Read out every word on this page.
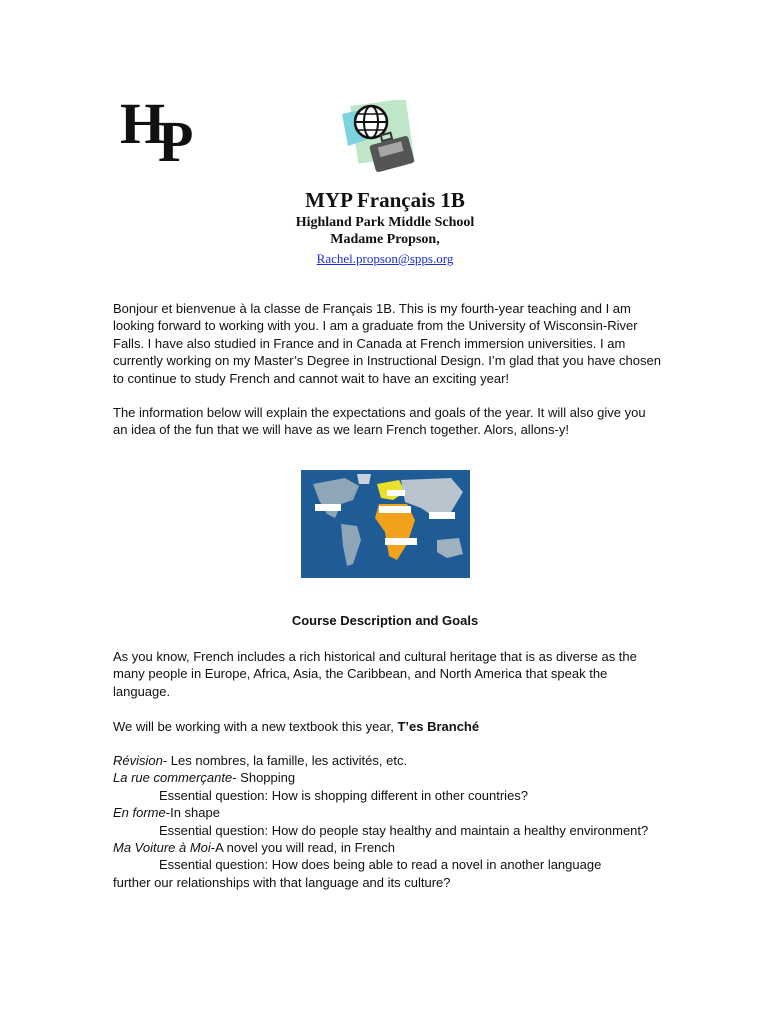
H
P

MYP Français 1B

Highland Park Middle School

Madame Propson,

Rachel.propson@spps.org

Bonjour et bienvenue à la classe de Français 1B. This is my fourth-year teaching and I am looking forward to working with you. I am a graduate from the University of Wisconsin-River Falls. I have also studied in France and in Canada at French immersion universities. I am currently working on my Master’s Degree in Instructional Design. I’m glad that you have chosen to continue to study French and cannot wait to have an exciting year!

The information below will explain the expectations and goals of the year. It will also give you an idea of the fun that we will have as we learn French together. Alors, allons-y!

Course Description and Goals

As you know, French includes a rich historical and cultural heritage that is as diverse as the many people in Europe, Africa, Asia, the Caribbean, and North America that speak the language.

We will be working with a new textbook this year, T’es Branché

Révision- Les nombres, la famille, les activités, etc.

La rue commerçante- Shopping

Essential question: How is shopping different in other countries?

En forme-In shape

Essential question: How do people stay healthy and maintain a healthy environment?

Ma Voiture à Moi-A novel you will read, in French

Essential question: How does being able to read a novel in another language

further our relationships with that language and its culture?
